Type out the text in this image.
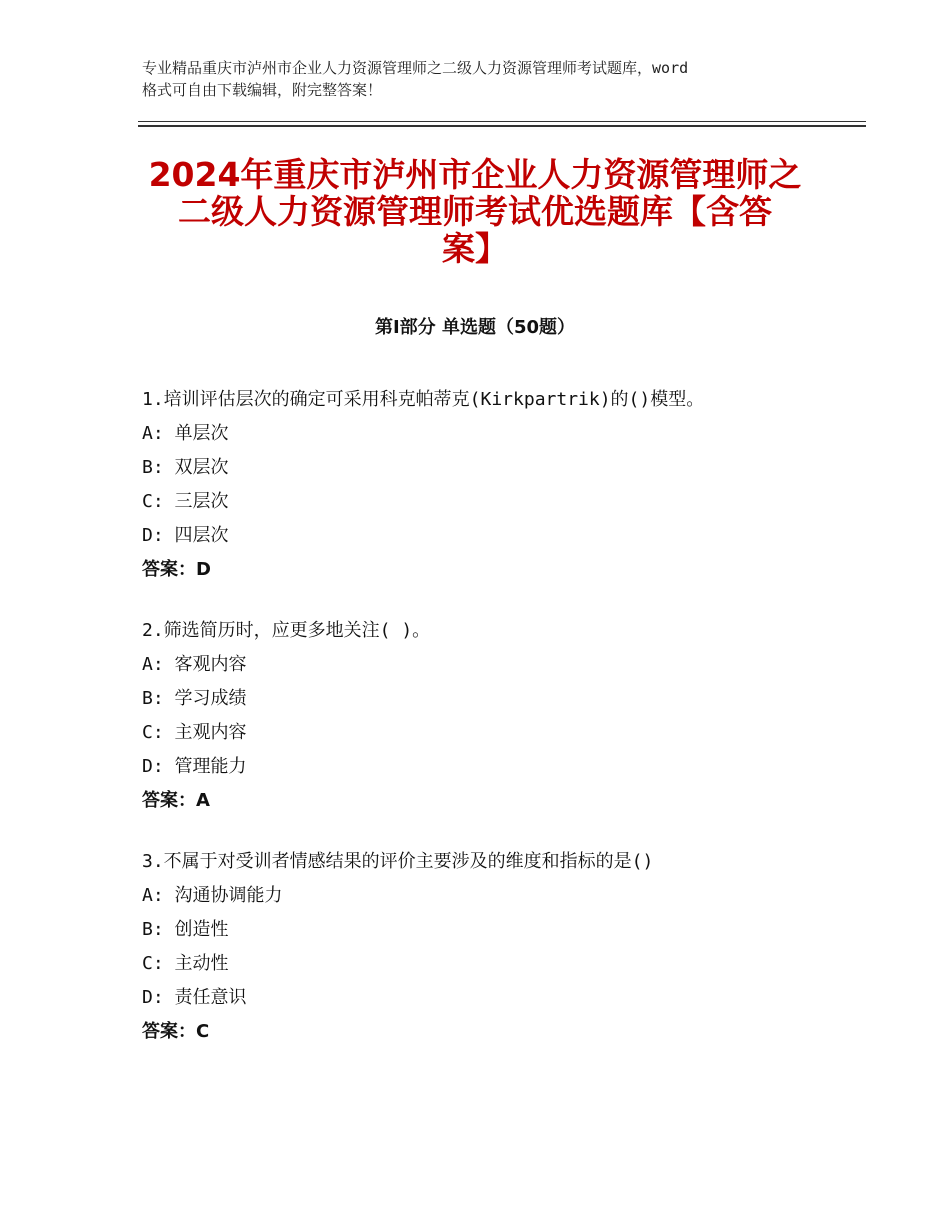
专业精品重庆市泸州市企业人力资源管理师之二级人力资源管理师考试题库，word
格式可自由下载编辑，附完整答案！
2024年重庆市泸州市企业人力资源管理师之
二级人力资源管理师考试优选题库【含答
案】
第Ⅰ部分 单选题（50题）
1.培训评估层次的确定可采用科克帕蒂克(Kirkpartrik)的()模型。
A: 单层次
B: 双层次
C: 三层次
D: 四层次
答案：D
2.筛选简历时，应更多地关注( )。
A: 客观内容
B: 学习成绩
C: 主观内容
D: 管理能力
答案：A
3.不属于对受训者情感结果的评价主要涉及的维度和指标的是()
A: 沟通协调能力
B: 创造性
C: 主动性
D: 责任意识
答案：C
